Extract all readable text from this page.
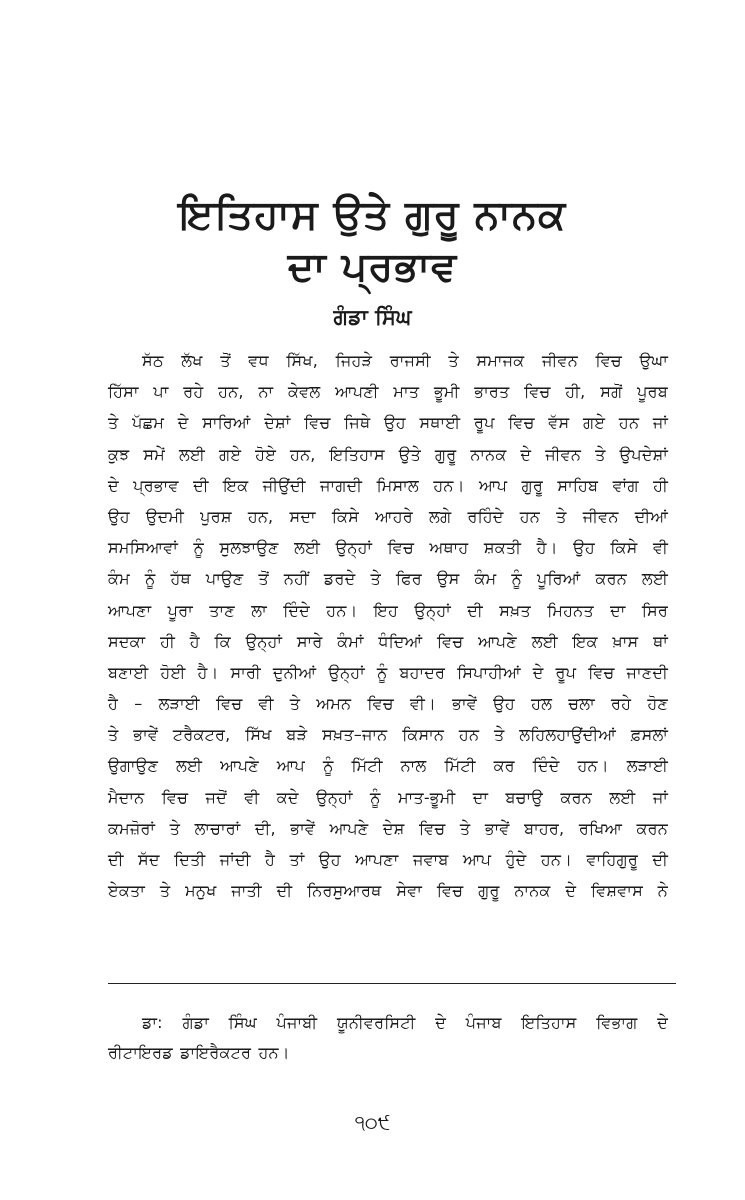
ਇਤਿਹਾਸ ਉਤੇ ਗੁਰੂ ਨਾਨਕ
ਦਾ ਪ੍ਰਭਾਵ

ਗੰਡਾ ਸਿੰਘ

ਸੱਠ ਲੱਖ ਤੋਂ ਵਧ ਸਿੱਖ, ਜਿਹੜੇ ਰਾਜਸੀ ਤੇ ਸਮਾਜਕ ਜੀਵਨ ਵਿਚ ਉਘਾ
ਹਿੱਸਾ ਪਾ ਰਹੇ ਹਨ, ਨਾ ਕੇਵਲ ਆਪਣੀ ਮਾਤ ਭੂਮੀ ਭਾਰਤ ਵਿਚ ਹੀ, ਸਗੋਂ ਪੂਰਬ
ਤੇ ਪੱਛਮ ਦੇ ਸਾਰਿਆਂ ਦੇਸ਼ਾਂ ਵਿਚ ਜਿਥੇ ਉਹ ਸਥਾਈ ਰੂਪ ਵਿਚ ਵੱਸ ਗਏ ਹਨ ਜਾਂ
ਕੁਝ ਸਮੇਂ ਲਈ ਗਏ ਹੋਏ ਹਨ, ਇਤਿਹਾਸ ਉਤੇ ਗੁਰੂ ਨਾਨਕ ਦੇ ਜੀਵਨ ਤੇ ਉਪਦੇਸ਼ਾਂ
ਦੇ ਪ੍ਰਭਾਵ ਦੀ ਇਕ ਜੀਉਂਦੀ ਜਾਗਦੀ ਮਿਸਾਲ ਹਨ। ਆਪ ਗੁਰੂ ਸਾਹਿਬ ਵਾਂਗ ਹੀ
ਉਹ ਉਦਮੀ ਪੁਰਸ਼ ਹਨ, ਸਦਾ ਕਿਸੇ ਆਹਰੇ ਲਗੇ ਰਹਿੰਦੇ ਹਨ ਤੇ ਜੀਵਨ ਦੀਆਂ
ਸਮਸਿਆਵਾਂ ਨੂੰ ਸੁਲਝਾਉਣ ਲਈ ਉਨ੍ਹਾਂ ਵਿਚ ਅਥਾਹ ਸ਼ਕਤੀ ਹੈ। ਉਹ ਕਿਸੇ ਵੀ
ਕੰਮ ਨੂੰ ਹੱਥ ਪਾਉਣ ਤੋਂ ਨਹੀਂ ਡਰਦੇ ਤੇ ਫਿਰ ਉਸ ਕੰਮ ਨੂੰ ਪੂਰਿਆਂ ਕਰਨ ਲਈ
ਆਪਣਾ ਪੂਰਾ ਤਾਣ ਲਾ ਦਿੰਦੇ ਹਨ। ਇਹ ਉਨ੍ਹਾਂ ਦੀ ਸਖ਼ਤ ਮਿਹਨਤ ਦਾ ਸਿਰ
ਸਦਕਾ ਹੀ ਹੈ ਕਿ ਉਨ੍ਹਾਂ ਸਾਰੇ ਕੰਮਾਂ ਧੰਦਿਆਂ ਵਿਚ ਆਪਣੇ ਲਈ ਇਕ ਖ਼ਾਸ ਥਾਂ
ਬਣਾਈ ਹੋਈ ਹੈ। ਸਾਰੀ ਦੁਨੀਆਂ ਉਨ੍ਹਾਂ ਨੂੰ ਬਹਾਦਰ ਸਿਪਾਹੀਆਂ ਦੇ ਰੂਪ ਵਿਚ ਜਾਣਦੀ
ਹੈ – ਲੜਾਈ ਵਿਚ ਵੀ ਤੇ ਅਮਨ ਵਿਚ ਵੀ। ਭਾਵੇਂ ਉਹ ਹਲ ਚਲਾ ਰਹੇ ਹੋਣ
ਤੇ ਭਾਵੇਂ ਟਰੈਕਟਰ, ਸਿੱਖ ਬੜੇ ਸਖ਼ਤ–ਜਾਨ ਕਿਸਾਨ ਹਨ ਤੇ ਲਹਿਲਹਾਉਂਦੀਆਂ ਫ਼ਸਲਾਂ
ਉਗਾਉਣ ਲਈ ਆਪਣੇ ਆਪ ਨੂੰ ਮਿੱਟੀ ਨਾਲ ਮਿੱਟੀ ਕਰ ਦਿੰਦੇ ਹਨ। ਲੜਾਈ
ਮੈਦਾਨ ਵਿਚ ਜਦੋਂ ਵੀ ਕਦੇ ਉਨ੍ਹਾਂ ਨੂੰ ਮਾਤ-ਭੂਮੀ ਦਾ ਬਚਾਉ ਕਰਨ ਲਈ ਜਾਂ
ਕਮਜ਼ੋਰਾਂ ਤੇ ਲਾਚਾਰਾਂ ਦੀ, ਭਾਵੇਂ ਆਪਣੇ ਦੇਸ਼ ਵਿਚ ਤੇ ਭਾਵੇਂ ਬਾਹਰ, ਰਖਿਆ ਕਰਨ
ਦੀ ਸੱਦ ਦਿਤੀ ਜਾਂਦੀ ਹੈ ਤਾਂ ਉਹ ਆਪਣਾ ਜਵਾਬ ਆਪ ਹੁੰਦੇ ਹਨ। ਵਾਹਿਗੁਰੂ ਦੀ
ਏਕਤਾ ਤੇ ਮਨੁਖ ਜਾਤੀ ਦੀ ਨਿਰਸੁਆਰਥ ਸੇਵਾ ਵਿਚ ਗੁਰੂ ਨਾਨਕ ਦੇ ਵਿਸ਼ਵਾਸ ਨੇ
ਡਾ: ਗੰਡਾ ਸਿੰਘ ਪੰਜਾਬੀ ਯੂਨੀਵਰਸਿਟੀ ਦੇ ਪੰਜਾਬ ਇਤਿਹਾਸ ਵਿਭਾਗ ਦੇ
ਰੀਟਾਇਰਡ ਡਾਇਰੈਕਟਰ ਹਨ।

੧੦੯
